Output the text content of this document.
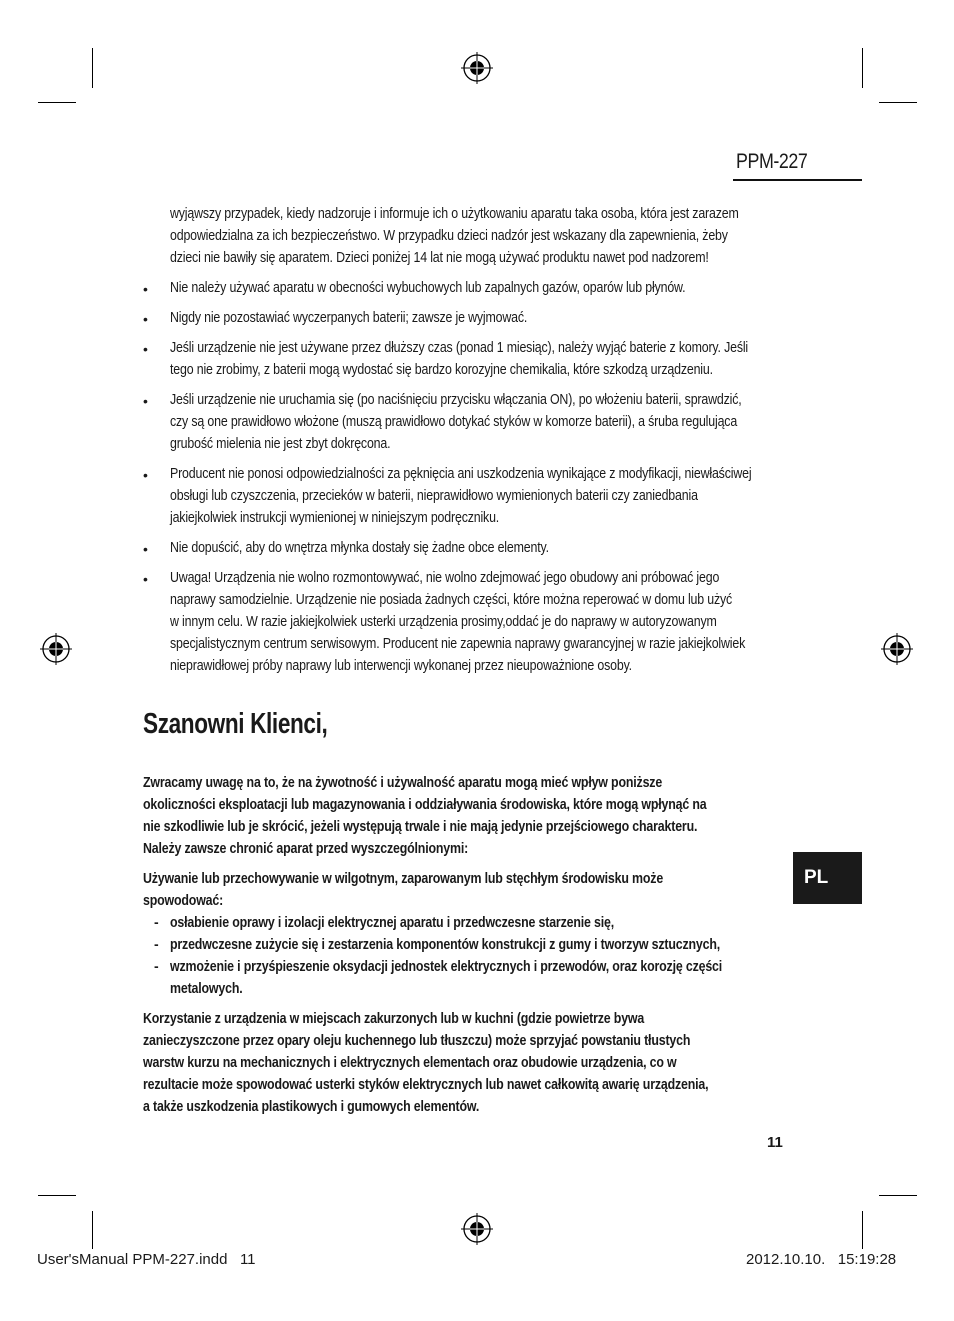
PPM-227
wyjąwszy przypadek, kiedy nadzoruje i informuje ich o użytkowaniu aparatu taka osoba, która jest zarazem
odpowiedzialna za ich bezpieczeństwo. W przypadku dzieci nadzór jest wskazany dla zapewnienia, żeby
dzieci nie bawiły się aparatem. Dzieci poniżej 14 lat nie mogą używać produktu nawet pod nadzorem!
• Nie należy używać aparatu w obecności wybuchowych lub zapalnych gazów, oparów lub płynów.
• Nigdy nie pozostawiać wyczerpanych baterii; zawsze je wyjmować.
• Jeśli urządzenie nie jest używane przez dłuższy czas (ponad 1 miesiąc), należy wyjąć baterie z komory. Jeśli
tego nie zrobimy, z baterii mogą wydostać się bardzo korozyjne chemikalia, które szkodzą urządzeniu.
• Jeśli urządzenie nie uruchamia się (po naciśnięciu przycisku włączania ON), po włożeniu baterii, sprawdzić,
czy są one prawidłowo włożone (muszą prawidłowo dotykać styków w komorze baterii), a śruba regulująca
grubość mielenia nie jest zbyt dokręcona.
• Producent nie ponosi odpowiedzialności za pęknięcia ani uszkodzenia wynikające z modyfikacji, niewłaściwej
obsługi lub czyszczenia, przecieków w baterii, nieprawidłowo wymienionych baterii czy zaniedbania
jakiejkolwiek instrukcji wymienionej w niniejszym podręczniku.
• Nie dopuścić, aby do wnętrza młynka dostały się żadne obce elementy.
• Uwaga! Urządzenia nie wolno rozmontowywać, nie wolno zdejmować jego obudowy ani próbować jego
naprawy samodzielnie. Urządzenie nie posiada żadnych części, które można reperować w domu lub użyć
w innym celu. W razie jakiejkolwiek usterki urządzenia prosimy,oddać je do naprawy w autoryzowanym
specjalistycznym centrum serwisowym. Producent nie zapewnia naprawy gwarancyjnej w razie jakiejkolwiek
nieprawidłowej próby naprawy lub interwencji wykonanej przez nieupoważnione osoby.
Szanowni Klienci,
Zwracamy uwagę na to, że na żywotność i używalność aparatu mogą mieć wpływ poniższe
okoliczności eksploatacji lub magazynowania i oddziaływania środowiska, które mogą wpłynąć na
nie szkodliwie lub je skrócić, jeżeli występują trwale i nie mają jedynie przejściowego charakteru.
Należy zawsze chronić aparat przed wyszczególnionymi:
Używanie lub przechowywanie w wilgotnym, zaparowanym lub stęchłym środowisku może
spowodować:
- osłabienie oprawy i izolacji elektrycznej aparatu i przedwczesne starzenie się,
- przedwczesne zużycie się i zestarzenia komponentów konstrukcji z gumy i tworzyw sztucznych,
- wzmożenie i przyśpieszenie oksydacji jednostek elektrycznych i przewodów, oraz korozję części
metalowych.
Korzystanie z urządzenia w miejscach zakurzonych lub w kuchni (gdzie powietrze bywa
zanieczyszczone przez opary oleju kuchennego lub tłuszczu) może sprzyjać powstaniu tłustych
warstw kurzu na mechanicznych i elektrycznych elementach oraz obudowie urządzenia, co w
rezultacie może spowodować usterki styków elektrycznych lub nawet całkowitą awarię urządzenia,
a także uszkodzenia plastikowych i gumowych elementów.
PL
11
User'sManual PPM-227.indd   11	2012.10.10.   15:19:28
